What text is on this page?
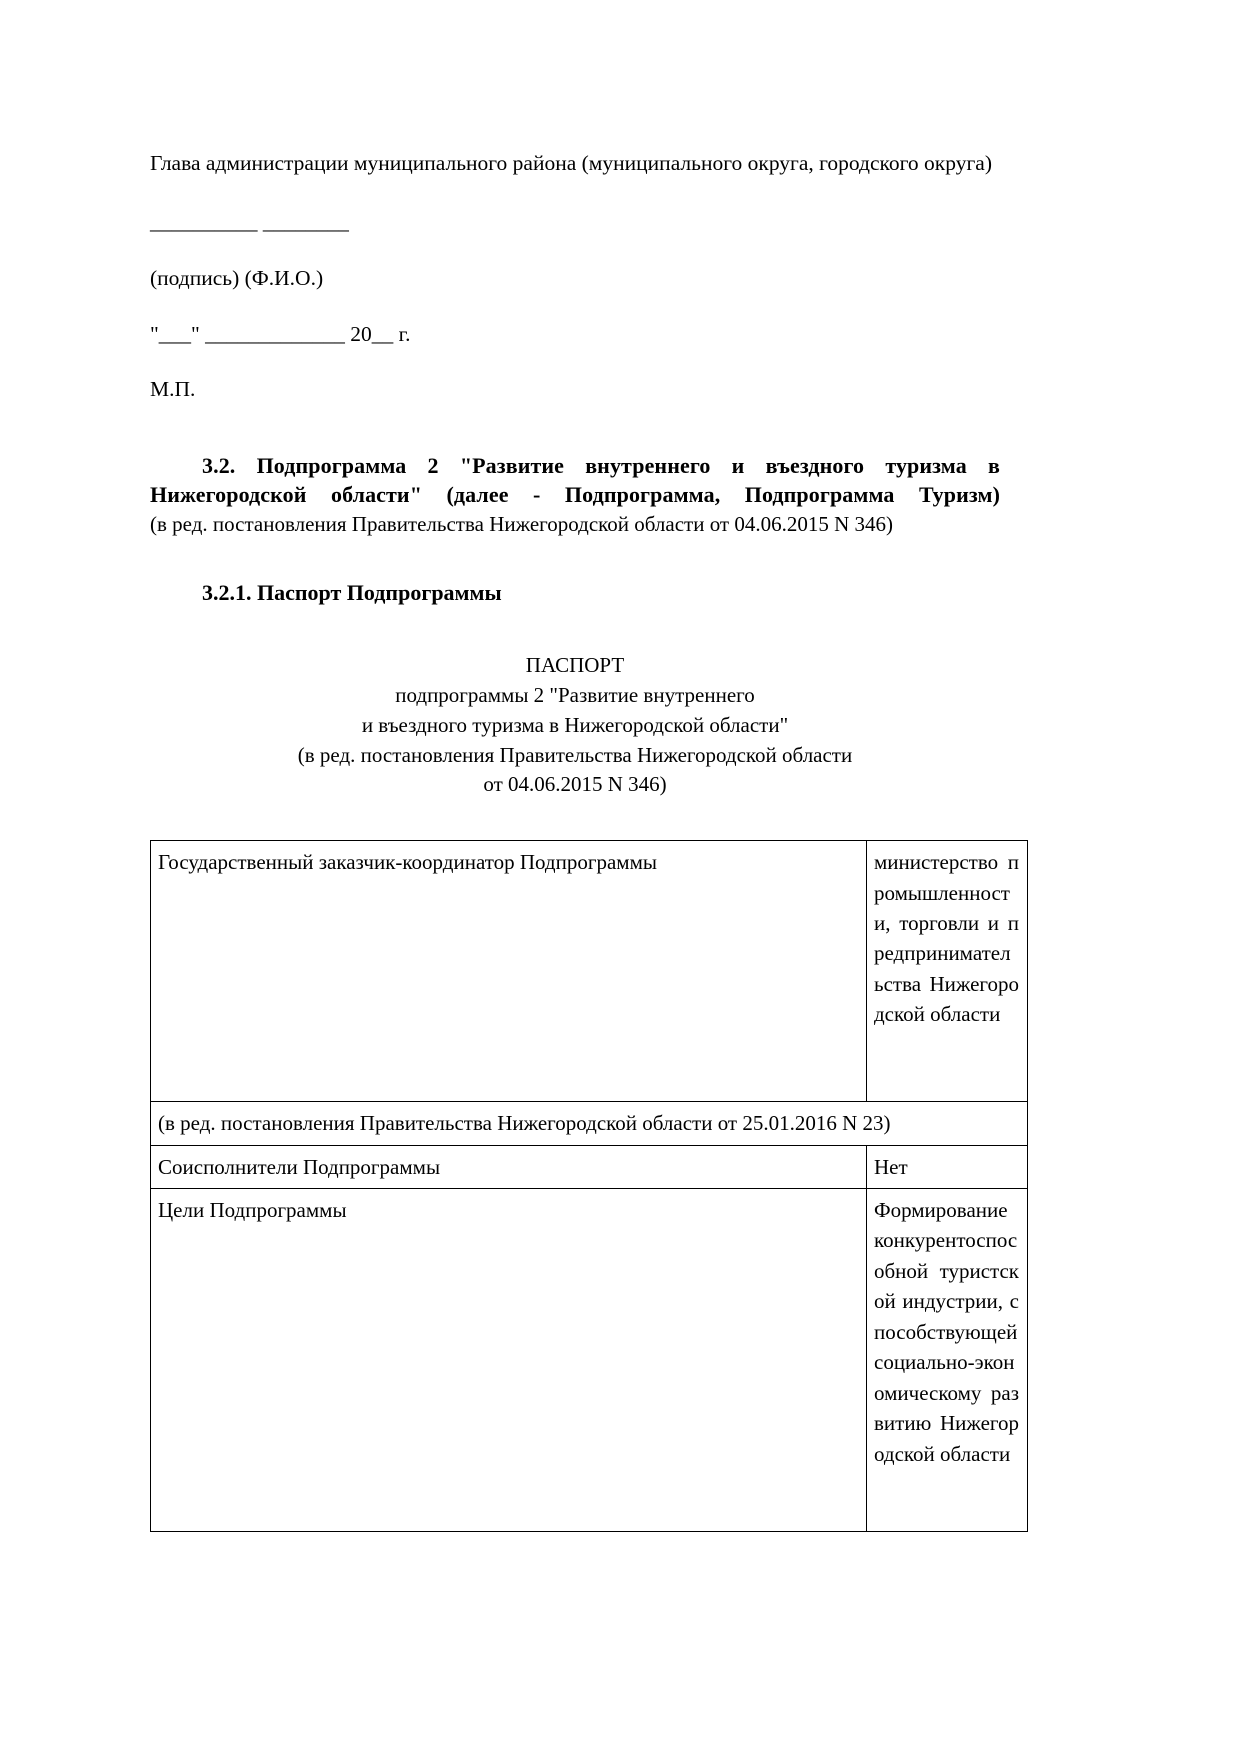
Глава администрации муниципального района (муниципального округа, городского округа)

__________ ________

(подпись) (Ф.И.О.)

"___" _____________ 20__ г.

М.П.

3.2. Подпрограмма 2 "Развитие внутреннего и въездного туризма в
Нижегородской области" (далее - Подпрограмма, Подпрограмма Туризм)

(в ред. постановления Правительства Нижегородской области от 04.06.2015 N 346)

3.2.1. Паспорт Подпрограммы
ПАСПОРТ
подпрограммы 2 "Развитие внутреннего
и въездного туризма в Нижегородской области"
(в ред. постановления Правительства Нижегородской области
от 04.06.2015 N 346)
Государственный заказчик-координатор Подпрограммы	министерство промышленности, торговли и предпринимательства Нижегородской области
(в ред. постановления Правительства Нижегородской области от 25.01.2016 N 23)	
Соисполнители Подпрограммы	Нет
Цели Подпрограммы	Формирование конкурентоспособной туристской индустрии, способствующей социально-экономическому развитию Нижегородской области
